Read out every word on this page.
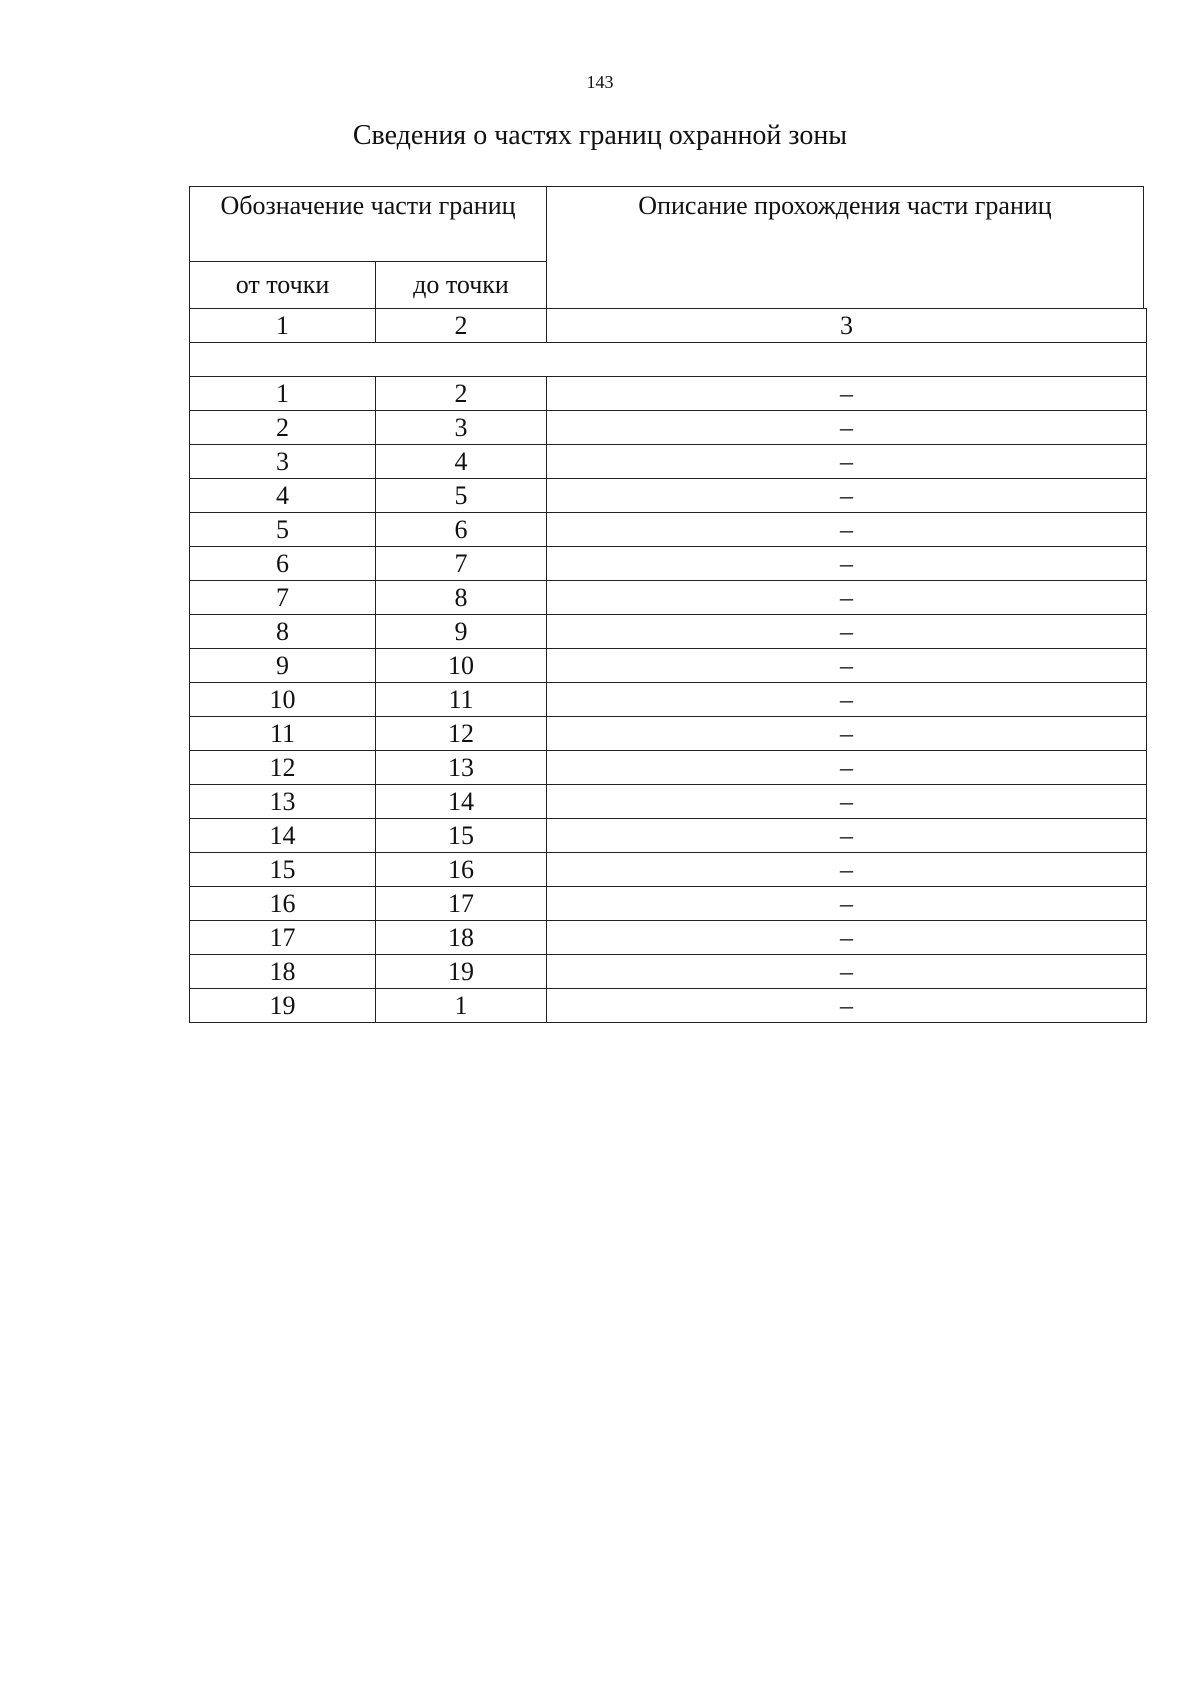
143
Сведения о частях границ охранной зоны
Обозначение части границ		Описание прохождения части границ
от точки	до точки	
1	2	3

1	2	–
2	3	–
3	4	–
4	5	–
5	6	–
6	7	–
7	8	–
8	9	–
9	10	–
10	11	–
11	12	–
12	13	–
13	14	–
14	15	–
15	16	–
16	17	–
17	18	–
18	19	–
19	1	–
